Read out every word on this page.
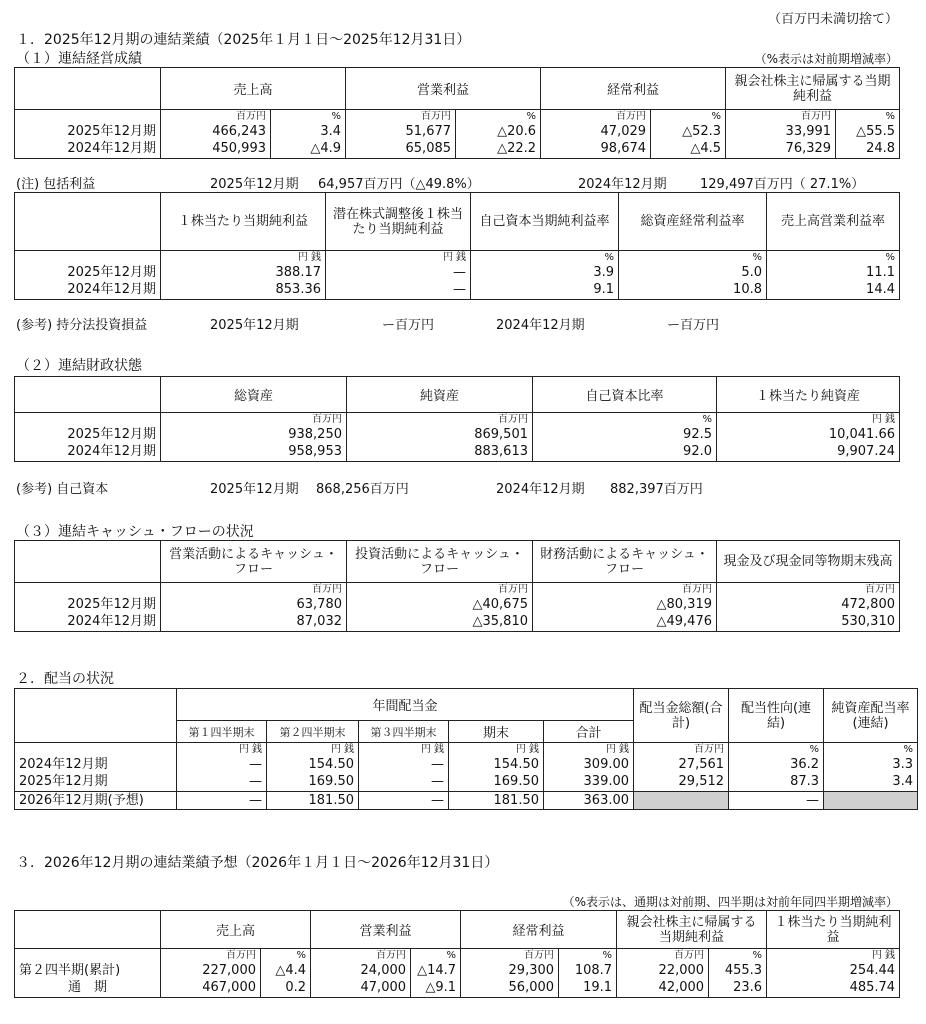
（百万円未満切捨て）
１．2025年12月期の連結業績（2025年１月１日～2025年12月31日）
（１）連結経営成績	（%表示は対前期増減率）
	売上高		営業利益		経常利益		親会社株主に帰属する当期純利益	
	百万円	%	百万円	%	百万円	%	百万円	%
2025年12月期	466,243	3.4	51,677	△20.6	47,029	△52.3	33,991	△55.5
2024年12月期	450,993	△4.9	65,085	△22.2	98,674	△4.5	76,329	24.8
(注) 包括利益	2025年12月期 64,957百万円（△49.8%）	2024年12月期	129,497百万円（ 27.1%）
	１株当たり当期純利益	潜在株式調整後１株当たり当期純利益	自己資本当期純利益率	総資産経常利益率	売上高営業利益率
	円 銭	円 銭	%	%	%
2025年12月期	388.17	—	3.9	5.0	11.1
2024年12月期	853.36	—	9.1	10.8	14.4
(参考) 持分法投資損益	2025年12月期	ー百万円	2024年12月期	ー百万円
（２）連結財政状態
	総資産	純資産	自己資本比率	１株当たり純資産
	百万円	百万円	%	円 銭
2025年12月期	938,250	869,501	92.5	10,041.66
2024年12月期	958,953	883,613	92.0	9,907.24
(参考) 自己資本	2025年12月期 868,256百万円	2024年12月期 882,397百万円
（３）連結キャッシュ・フローの状況
	営業活動によるキャッシュ・フロー	投資活動によるキャッシュ・フロー	財務活動によるキャッシュ・フロー	現金及び現金同等物期末残高
	百万円	百万円	百万円	百万円
2025年12月期	63,780	△40,675	△80,319	472,800
2024年12月期	87,032	△35,810	△49,476	530,310
２．配当の状況
	年間配当金					配当金総額(合計)	配当性向(連結)	純資産配当率(連結)
	第１四半期末	第２四半期末	第３四半期末	期末	合計			
	円 銭	円 銭	円 銭	円 銭	円 銭	百万円	%	%
2024年12月期	—	154.50	—	154.50	309.00	27,561	36.2	3.3
2025年12月期	—	169.50	—	169.50	339.00	29,512	87.3	3.4
2026年12月期(予想)	—	181.50	—	181.50	363.00		—	
３．2026年12月期の連結業績予想（2026年１月１日～2026年12月31日）
（%表示は、通期は対前期、四半期は対前年同四半期増減率）
	売上高		営業利益		経常利益		親会社株主に帰属する当期純利益		１株当たり当期純利益
	百万円	%	百万円	%	百万円	%	百万円	%	円 銭
第２四半期(累計)	227,000	△4.4	24,000	△14.7	29,300	108.7	22,000	455.3	254.44
通　期	467,000	0.2	47,000	△9.1	56,000	19.1	42,000	23.6	485.74
